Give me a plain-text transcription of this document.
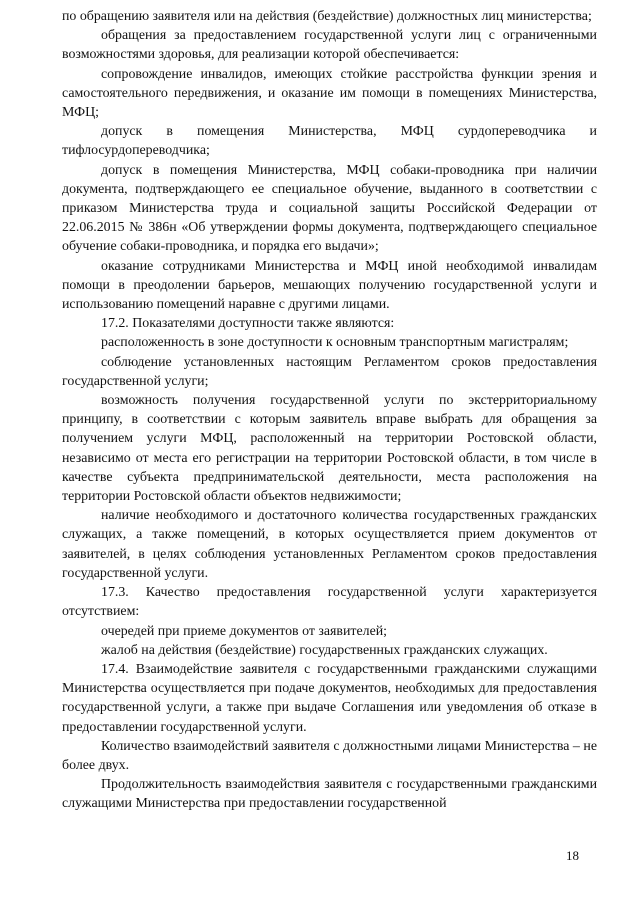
по обращению заявителя или на действия (бездействие) должностных лиц министерства;

обращения за предоставлением государственной услуги лиц с ограниченными возможностями здоровья, для реализации которой обеспечивается:

сопровождение инвалидов, имеющих стойкие расстройства функции зрения и самостоятельного передвижения, и оказание им помощи в помещениях Министерства, МФЦ;

допуск в помещения Министерства, МФЦ сурдопереводчика и тифлосурдопереводчика;

допуск в помещения Министерства, МФЦ собаки-проводника при наличии документа, подтверждающего ее специальное обучение, выданного в соответствии с приказом Министерства труда и социальной защиты Российской Федерации от 22.06.2015 № 386н «Об утверждении формы документа, подтверждающего специальное обучение собаки-проводника, и порядка его выдачи»;

оказание сотрудниками Министерства и МФЦ иной необходимой инвалидам помощи в преодолении барьеров, мешающих получению государственной услуги и использованию помещений наравне с другими лицами.

17.2. Показателями доступности также являются:

расположенность в зоне доступности к основным транспортным магистралям;

соблюдение установленных настоящим Регламентом сроков предоставления государственной услуги;

возможность получения государственной услуги по экстерриториальному принципу, в соответствии с которым заявитель вправе выбрать для обращения за получением услуги МФЦ, расположенный на территории Ростовской области, независимо от места его регистрации на территории Ростовской области, в том числе в качестве субъекта предпринимательской деятельности, места расположения на территории Ростовской области объектов недвижимости;

наличие необходимого и достаточного количества государственных гражданских служащих, а также помещений, в которых осуществляется прием документов от заявителей, в целях соблюдения установленных Регламентом сроков предоставления государственной услуги.

17.3. Качество предоставления государственной услуги характеризуется отсутствием:

очередей при приеме документов от заявителей;

жалоб на действия (бездействие) государственных гражданских служащих.

17.4. Взаимодействие заявителя с государственными гражданскими служащими Министерства осуществляется при подаче документов, необходимых для предоставления государственной услуги, а также при выдаче Соглашения или уведомления об отказе в предоставлении государственной услуги.

Количество взаимодействий заявителя с должностными лицами Министерства – не более двух.

Продолжительность взаимодействия заявителя с государственными гражданскими служащими Министерства при предоставлении государственной

18
